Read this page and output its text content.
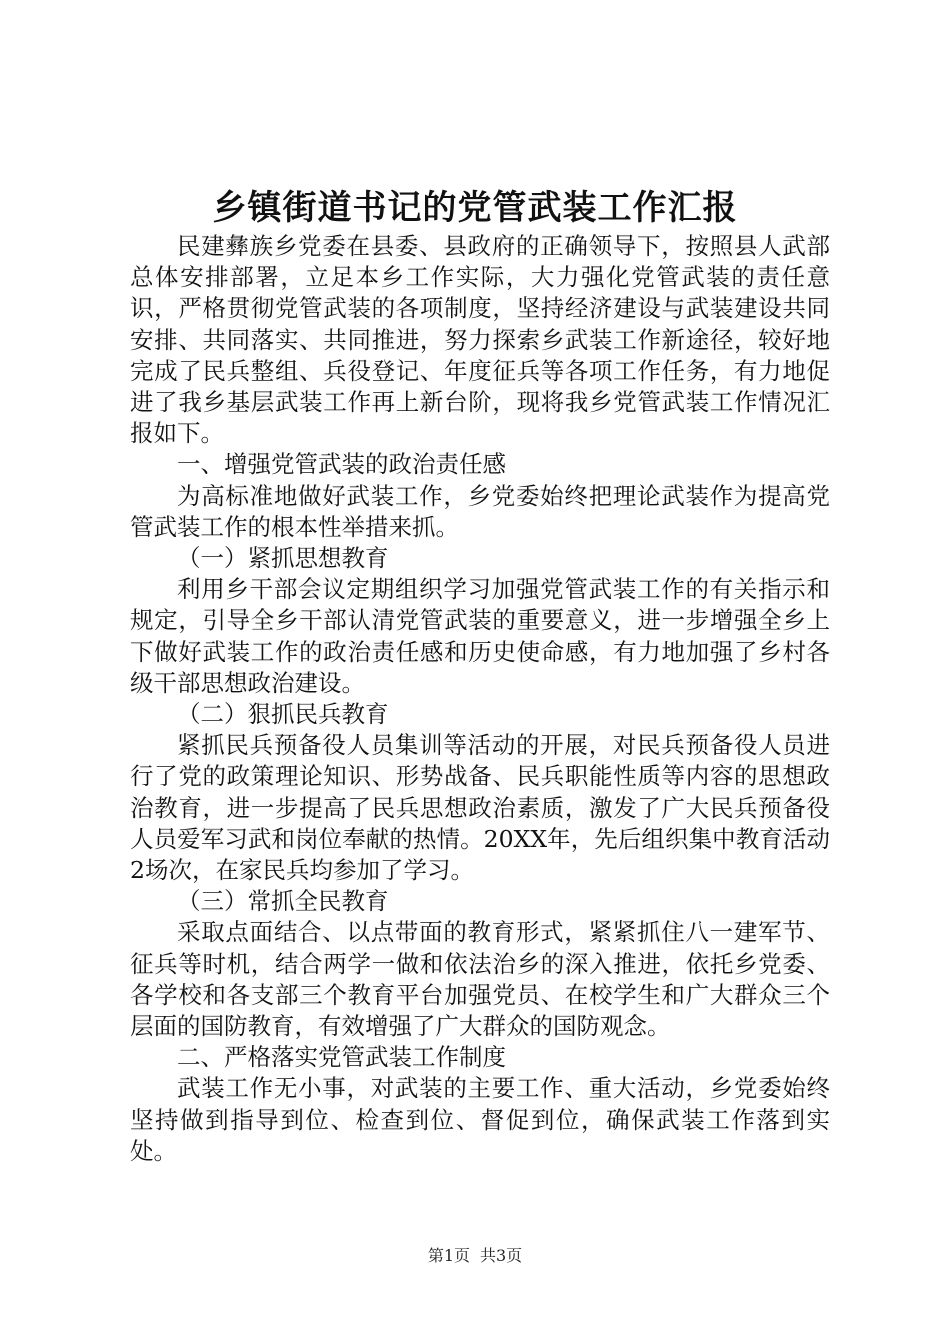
乡镇街道书记的党管武装工作汇报

民建彝族乡党委在县委、县政府的正确领导下，按照县人武部总体安排部署，立足本乡工作实际，大力强化党管武装的责任意识，严格贯彻党管武装的各项制度，坚持经济建设与武装建设共同安排、共同落实、共同推进，努力探索乡武装工作新途径，较好地完成了民兵整组、兵役登记、年度征兵等各项工作任务，有力地促进了我乡基层武装工作再上新台阶，现将我乡党管武装工作情况汇报如下。

一、增强党管武装的政治责任感

为高标准地做好武装工作，乡党委始终把理论武装作为提高党管武装工作的根本性举措来抓。

（一）紧抓思想教育

利用乡干部会议定期组织学习加强党管武装工作的有关指示和规定，引导全乡干部认清党管武装的重要意义，进一步增强全乡上下做好武装工作的政治责任感和历史使命感，有力地加强了乡村各级干部思想政治建设。

（二）狠抓民兵教育

紧抓民兵预备役人员集训等活动的开展，对民兵预备役人员进行了党的政策理论知识、形势战备、民兵职能性质等内容的思想政治教育，进一步提高了民兵思想政治素质，激发了广大民兵预备役人员爱军习武和岗位奉献的热情。20XX年，先后组织集中教育活动2场次，在家民兵均参加了学习。

（三）常抓全民教育

采取点面结合、以点带面的教育形式，紧紧抓住八一建军节、征兵等时机，结合两学一做和依法治乡的深入推进，依托乡党委、各学校和各支部三个教育平台加强党员、在校学生和广大群众三个层面的国防教育，有效增强了广大群众的国防观念。

二、严格落实党管武装工作制度

武装工作无小事，对武装的主要工作、重大活动，乡党委始终坚持做到指导到位、检查到位、督促到位，确保武装工作落到实处。

第1页 共3页
